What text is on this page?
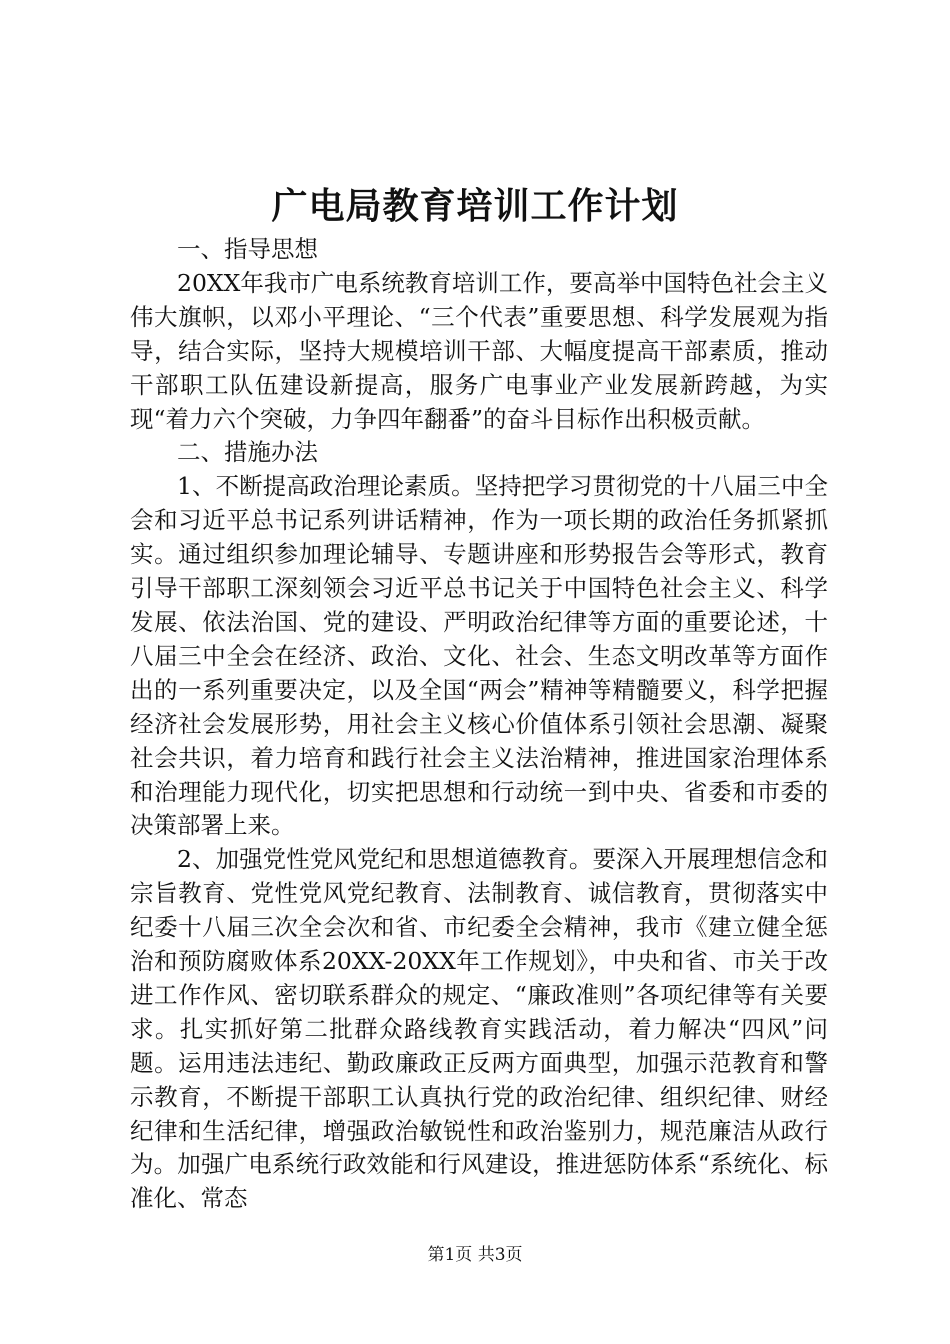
广电局教育培训工作计划

一、指导思想

20XX年我市广电系统教育培训工作，要高举中国特色社会主义伟大旗帜，以邓小平理论、“三个代表”重要思想、科学发展观为指导，结合实际，坚持大规模培训干部、大幅度提高干部素质，推动干部职工队伍建设新提高，服务广电事业产业发展新跨越，为实现“着力六个突破，力争四年翻番”的奋斗目标作出积极贡献。

二、措施办法

1、不断提高政治理论素质。坚持把学习贯彻党的十八届三中全会和习近平总书记系列讲话精神，作为一项长期的政治任务抓紧抓实。通过组织参加理论辅导、专题讲座和形势报告会等形式，教育引导干部职工深刻领会习近平总书记关于中国特色社会主义、科学发展、依法治国、党的建设、严明政治纪律等方面的重要论述，十八届三中全会在经济、政治、文化、社会、生态文明改革等方面作出的一系列重要决定，以及全国“两会”精神等精髓要义，科学把握经济社会发展形势，用社会主义核心价值体系引领社会思潮、凝聚社会共识，着力培育和践行社会主义法治精神，推进国家治理体系和治理能力现代化，切实把思想和行动统一到中央、省委和市委的决策部署上来。

2、加强党性党风党纪和思想道德教育。要深入开展理想信念和宗旨教育、党性党风党纪教育、法制教育、诚信教育，贯彻落实中纪委十八届三次全会次和省、市纪委全会精神，我市《建立健全惩治和预防腐败体系20XX-20XX年工作规划》，中央和省、市关于改进工作作风、密切联系群众的规定、“廉政准则”各项纪律等有关要求。扎实抓好第二批群众路线教育实践活动，着力解决“四风”问题。运用违法违纪、勤政廉政正反两方面典型，加强示范教育和警示教育，不断提干部职工认真执行党的政治纪律、组织纪律、财经纪律和生活纪律，增强政治敏锐性和政治鉴别力，规范廉洁从政行为。加强广电系统行政效能和行风建设，推进惩防体系“系统化、标准化、常态

第1页 共3页
